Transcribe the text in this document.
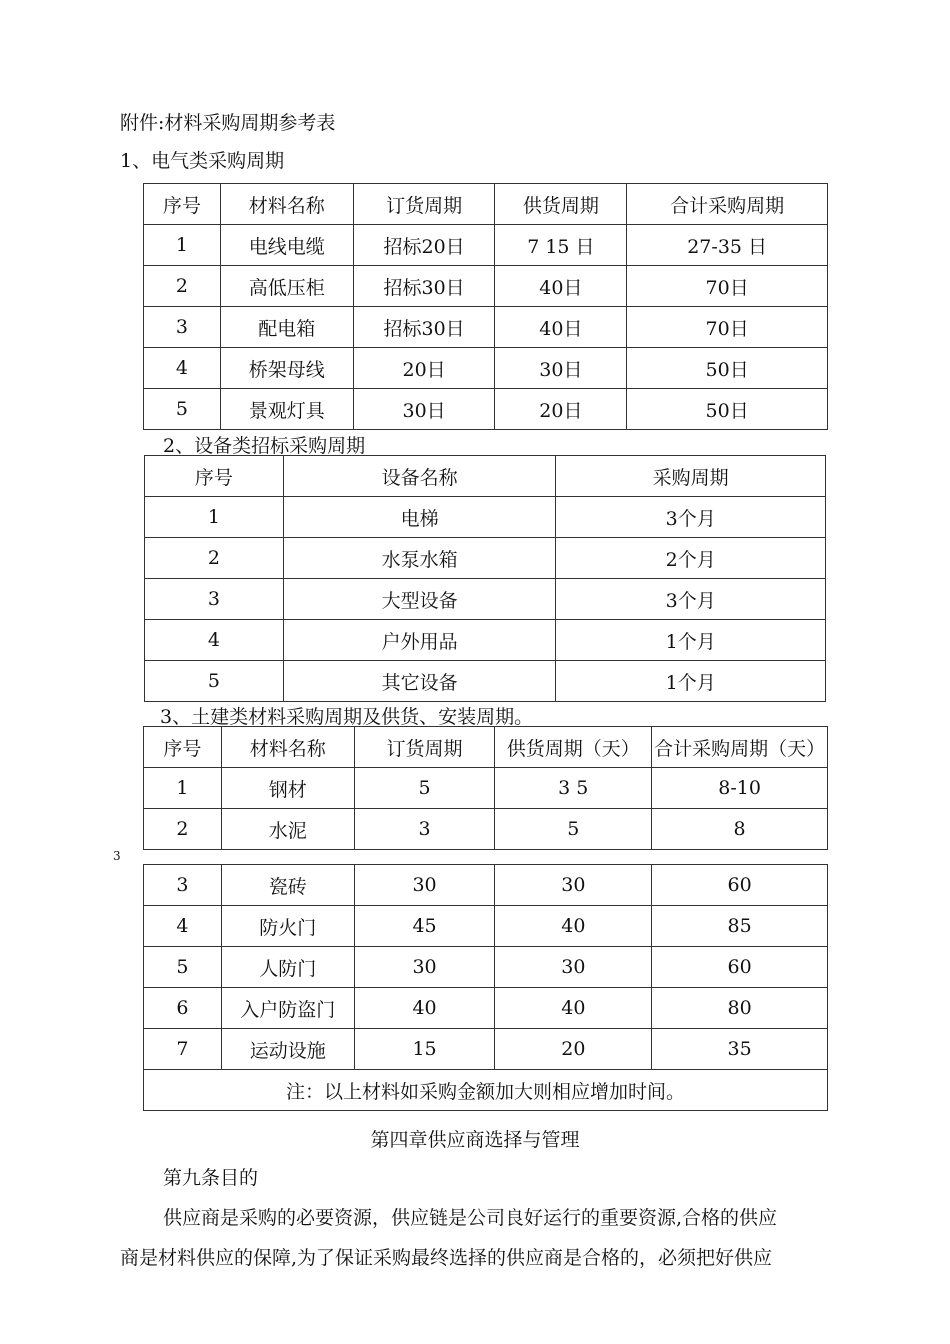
附件:材料采购周期参考表
1、电气类采购周期
序号	材料名称	订货周期	供货周期	合计采购周期
1	电线电缆	招标20日	7 15 日	27-35 日
2	高低压柜	招标30日	40日	70日
3	配电箱	招标30日	40日	70日
4	桥架母线	20日	30日	50日
5	景观灯具	30日	20日	50日
2、设备类招标采购周期
序号	设备名称	采购周期
1	电梯	3个月
2	水泵水箱	2个月
3	大型设备	3个月
4	户外用品	1个月
5	其它设备	1个月
3、土建类材料采购周期及供货、安装周期。
序号	材料名称	订货周期	供货周期（天）	合计采购周期（天）
1	钢材	5	3 5	8-10
2	水泥	3	5	8
3
3	瓷砖	30	30	60
4	防火门	45	40	85
5	人防门	30	30	60
6	入户防盗门	40	40	80
7	运动设施	15	20	35
注：以上材料如采购金额加大则相应增加时间。				
第四章供应商选择与管理
第九条目的
供应商是采购的必要资源，供应链是公司良好运行的重要资源,合格的供应
商是材料供应的保障,为了保证采购最终选择的供应商是合格的，必须把好供应
